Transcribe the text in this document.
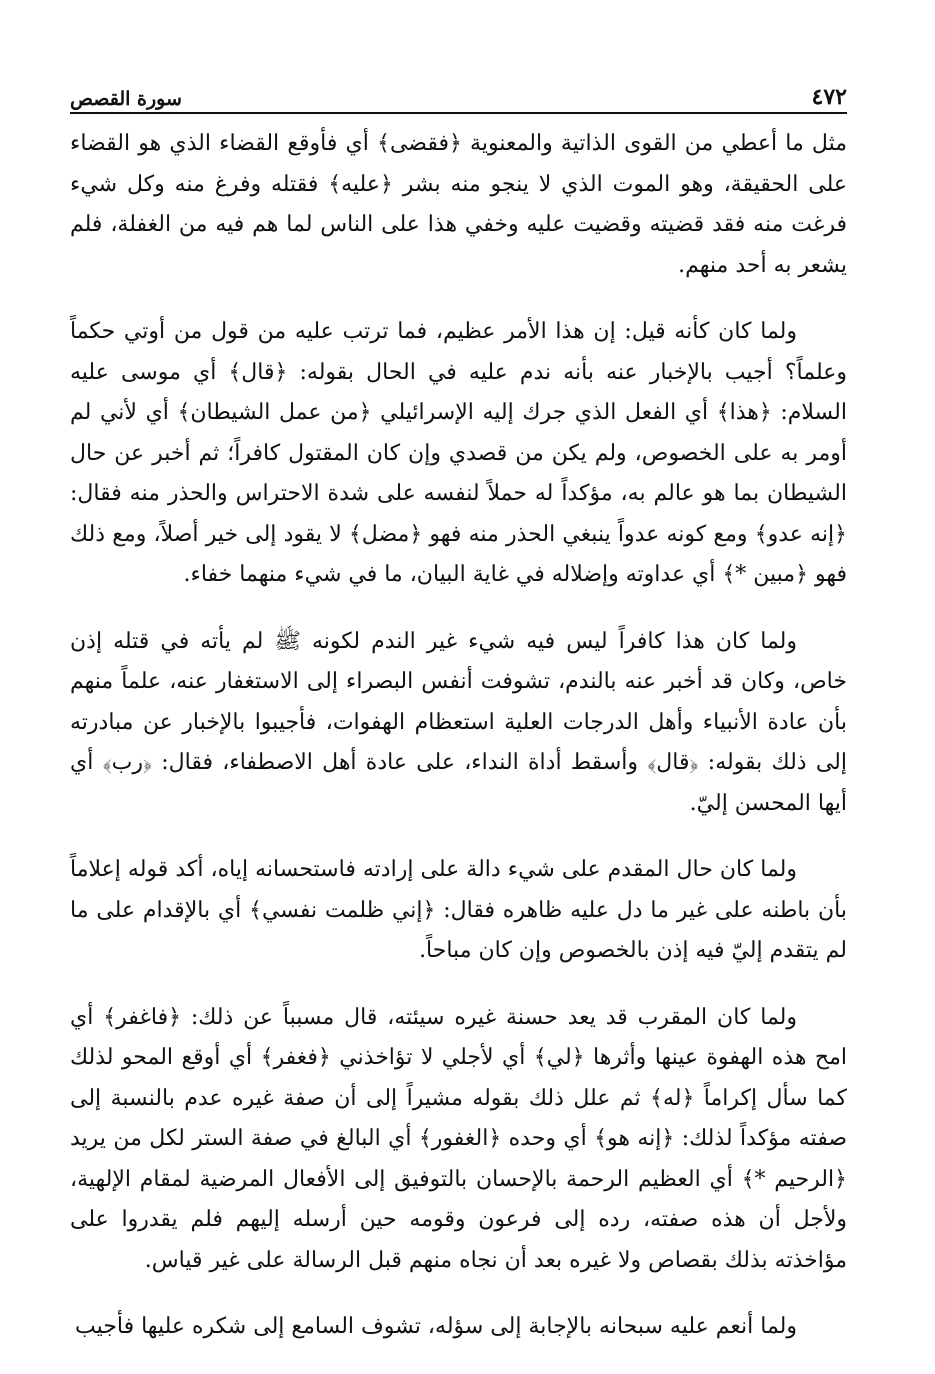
٤٧٢
سورة القصص

مثل ما أعطي من القوى الذاتية والمعنوية ﴿فقضى﴾ أي فأوقع القضاء الذي هو القضاء على الحقيقة، وهو الموت الذي لا ينجو منه بشر ﴿عليه﴾ فقتله وفرغ منه وكل شيء فرغت منه فقد قضيته وقضيت عليه وخفي هذا على الناس لما هم فيه من الغفلة، فلم يشعر به أحد منهم.

ولما كان كأنه قيل: إن هذا الأمر عظيم، فما ترتب عليه من قول من أوتي حكماً وعلماً؟ أجيب بالإخبار عنه بأنه ندم عليه في الحال بقوله: ﴿قال﴾ أي موسى عليه السلام: ﴿هذا﴾ أي الفعل الذي جرك إليه الإسرائيلي ﴿من عمل الشيطان﴾ أي لأني لم أومر به على الخصوص، ولم يكن من قصدي وإن كان المقتول كافراً؛ ثم أخبر عن حال الشيطان بما هو عالم به، مؤكداً له حملاً لنفسه على شدة الاحتراس والحذر منه فقال: ﴿إنه عدو﴾ ومع كونه عدواً ينبغي الحذر منه فهو ﴿مضل﴾ لا يقود إلى خير أصلاً، ومع ذلك فهو ﴿مبين *﴾ أي عداوته وإضلاله في غاية البيان، ما في شيء منهما خفاء.

ولما كان هذا كافراً ليس فيه شيء غير الندم لكونه ﷺ لم يأته في قتله إذن خاص، وكان قد أخبر عنه بالندم، تشوفت أنفس البصراء إلى الاستغفار عنه، علماً منهم بأن عادة الأنبياء وأهل الدرجات العلية استعظام الهفوات، فأجيبوا بالإخبار عن مبادرته إلى ذلك بقوله: ﴿قال﴾ وأسقط أداة النداء، على عادة أهل الاصطفاء، فقال: ﴿رب﴾ أي أيها المحسن إليّ.

ولما كان حال المقدم على شيء دالة على إرادته فاستحسانه إياه، أكد قوله إعلاماً بأن باطنه على غير ما دل عليه ظاهره فقال: ﴿إني ظلمت نفسي﴾ أي بالإقدام على ما لم يتقدم إليّ فيه إذن بالخصوص وإن كان مباحاً.

ولما كان المقرب قد يعد حسنة غيره سيئته، قال مسبباً عن ذلك: ﴿فاغفر﴾ أي امح هذه الهفوة عينها وأثرها ﴿لي﴾ أي لأجلي لا تؤاخذني ﴿فغفر﴾ أي أوقع المحو لذلك كما سأل إكراماً ﴿له﴾ ثم علل ذلك بقوله مشيراً إلى أن صفة غيره عدم بالنسبة إلى صفته مؤكداً لذلك: ﴿إنه هو﴾ أي وحده ﴿الغفور﴾ أي البالغ في صفة الستر لكل من يريد ﴿الرحيم *﴾ أي العظيم الرحمة بالإحسان بالتوفيق إلى الأفعال المرضية لمقام الإلهية، ولأجل أن هذه صفته، رده إلى فرعون وقومه حين أرسله إليهم فلم يقدروا على مؤاخذته بذلك بقصاص ولا غيره بعد أن نجاه منهم قبل الرسالة على غير قياس.

ولما أنعم عليه سبحانه بالإجابة إلى سؤله، تشوف السامع إلى شكره عليها فأجيب
